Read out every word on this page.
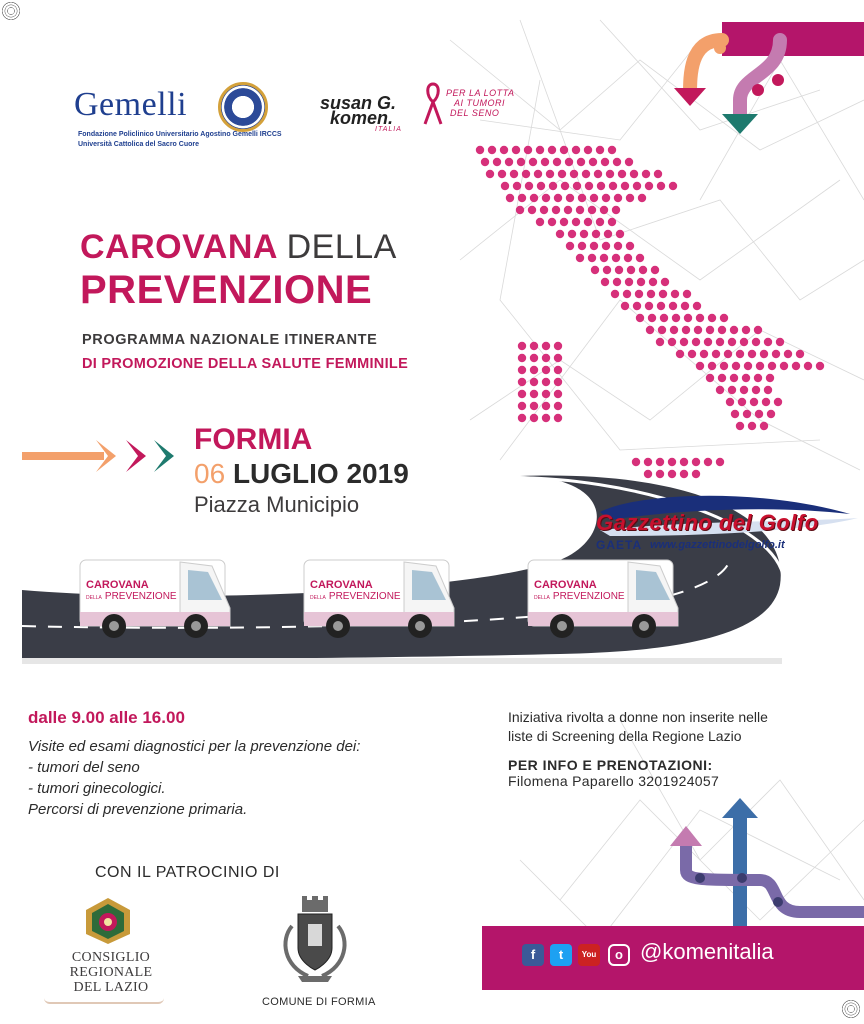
Gemelli
Fondazione Policlinico Universitario Agostino Gemelli IRCCS
Università Cattolica del Sacro Cuore
susan G.
komen.
ITALIA
PER LA LOTTA
AI TUMORI
DEL SENO
CAROVANA DELLA
PREVENZIONE
PROGRAMMA NAZIONALE ITINERANTE
DI PROMOZIONE DELLA SALUTE FEMMINILE
FORMIA
06 LUGLIO 2019
Piazza Municipio
Gazzettino del Golfo
GAETA www.gazzettinodelgolfo.it
CAROVANA
DELLA PREVENZIONE
CAROVANA
DELLA PREVENZIONE
CAROVANA
DELLA PREVENZIONE
dalle 9.00 alle 16.00
Visite ed esami diagnostici per la prevenzione dei:
- tumori del seno
- tumori ginecologici.
Percorsi di prevenzione primaria.
Iniziativa rivolta a donne non inserite nelle
liste di Screening della Regione Lazio
PER INFO E PRENOTAZIONI:
Filomena Paparello 3201924057
CON IL PATROCINIO DI
CONSIGLIO
REGIONALE
DEL LAZIO
COMUNE DI FORMIA
f	t	You	o @komenitalia
